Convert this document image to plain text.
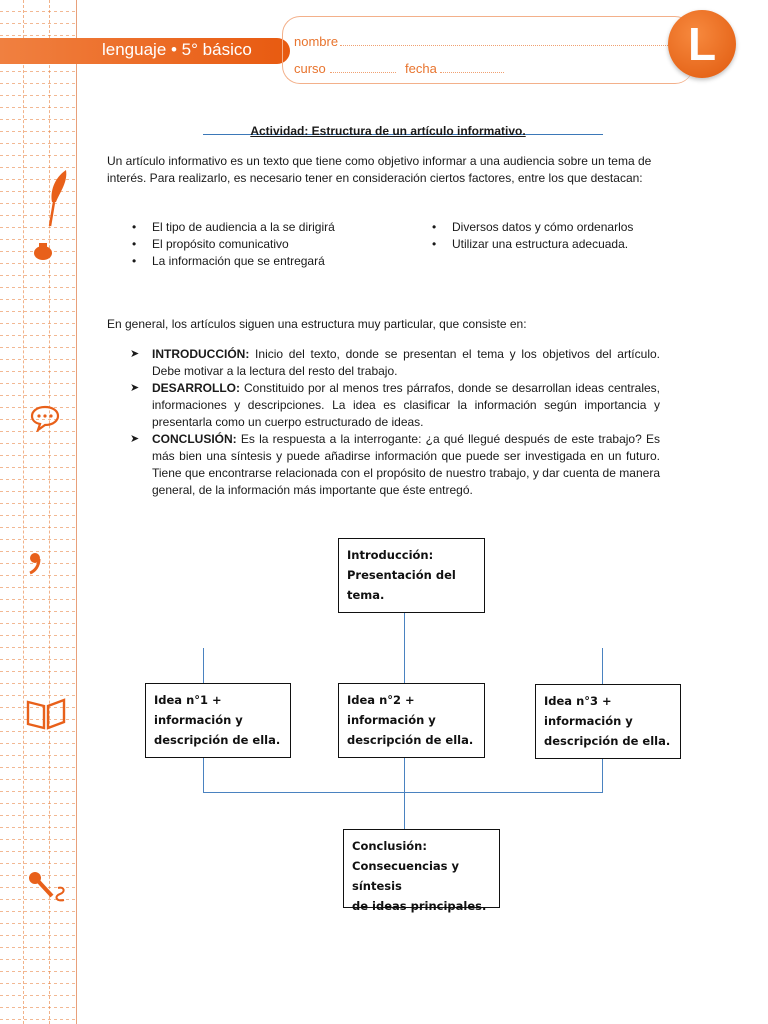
lenguaje • 5° básico	nombre
curso	fecha	L
Actividad: Estructura de un artículo informativo.
Un artículo informativo es un texto que tiene como objetivo informar a una audiencia sobre un tema de interés. Para realizarlo, es necesario tener en consideración ciertos factores, entre los que destacan:
• El tipo de audiencia a la se dirigirá
• El propósito comunicativo
• La información que se entregará
• Diversos datos y cómo ordenarlos
• Utilizar una estructura adecuada.
En general, los artículos siguen una estructura muy particular, que consiste en:
➤ INTRODUCCIÓN: Inicio del texto, donde se presentan el tema y los objetivos del artículo. Debe motivar a la lectura del resto del trabajo.
➤ DESARROLLO: Constituido por al menos tres párrafos, donde se desarrollan ideas centrales, informaciones y descripciones. La idea es clasificar la información según importancia y presentarla como un cuerpo estructurado de ideas.
➤ CONCLUSIÓN: Es la respuesta a la interrogante: ¿a qué llegué después de este trabajo? Es más bien una síntesis y puede añadirse información que puede ser investigada en un futuro. Tiene que encontrarse relacionada con el propósito de nuestro trabajo, y dar cuenta de manera general, de la información más importante que éste entregó.
Introducción:
Presentación del
tema.
Idea n°1 +
información y
descripción de ella.
Idea n°2 +
información y
descripción de ella.
Idea n°3 +
información y
descripción de ella.
Conclusión:
Consecuencias y síntesis
de ideas principales.
